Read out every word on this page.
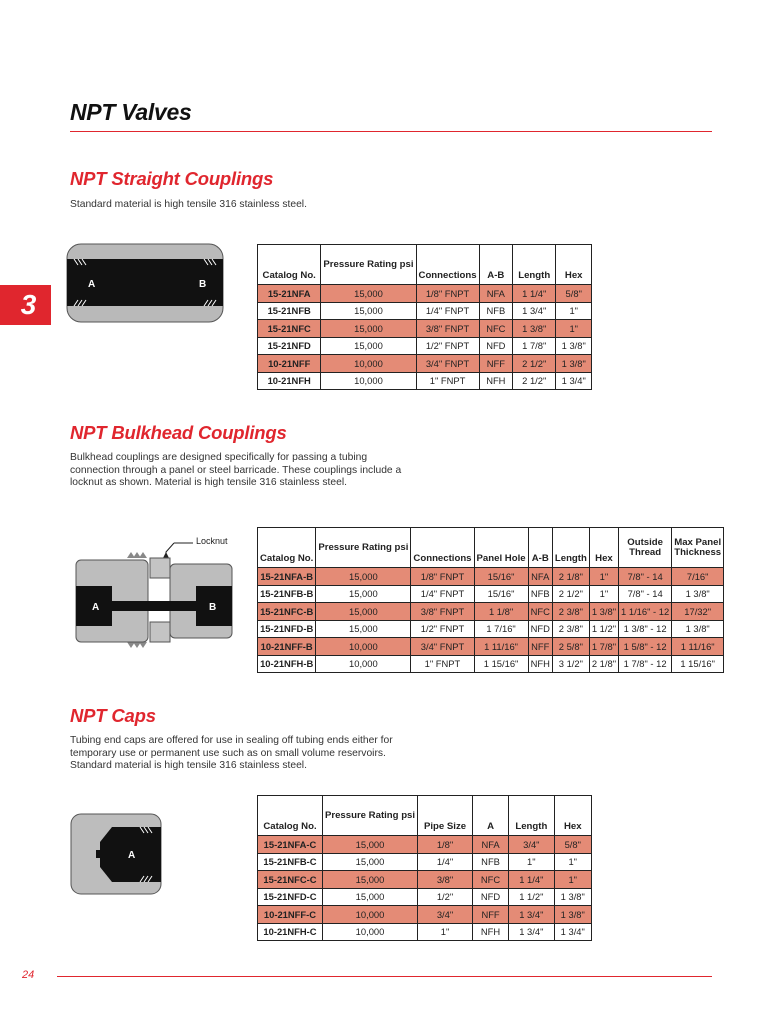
NPT Valves
3
NPT Straight Couplings
Standard material is high tensile 316 stainless steel.
A	B
Catalog No.	Pressure Rating psi	Connections	A-B	Length	Hex
15-21NFA	15,000	1/8" FNPT	NFA	1 1/4"	5/8"
15-21NFB	15,000	1/4" FNPT	NFB	1 3/4"	1"
15-21NFC	15,000	3/8" FNPT	NFC	1 3/8"	1"
15-21NFD	15,000	1/2" FNPT	NFD	1 7/8"	1 3/8"
10-21NFF	10,000	3/4" FNPT	NFF	2 1/2"	1 3/8"
10-21NFH	10,000	1" FNPT	NFH	2 1/2"	1 3/4"
NPT Bulkhead Couplings
Bulkhead couplings are designed specifically for passing a tubing connection through a panel or steel barricade. These couplings include a locknut as shown. Material is high tensile 316 stainless steel.
Locknut
A	B
Catalog No.	Pressure Rating psi	Connections	Panel Hole	A-B	Length	Hex	Outside Thread	Max Panel Thickness
15-21NFA-B	15,000	1/8" FNPT	15/16"	NFA	2 1/8"	1"	7/8" - 14	7/16"
15-21NFB-B	15,000	1/4" FNPT	15/16"	NFB	2 1/2"	1"	7/8" - 14	1 3/8"
15-21NFC-B	15,000	3/8" FNPT	1 1/8"	NFC	2 3/8"	1 3/8"	1 1/16" - 12	17/32"
15-21NFD-B	15,000	1/2" FNPT	1 7/16"	NFD	2 3/8"	1 1/2"	1 3/8" - 12	1 3/8"
10-21NFF-B	10,000	3/4" FNPT	1 11/16"	NFF	2 5/8"	1 7/8"	1 5/8" - 12	1 11/16"
10-21NFH-B	10,000	1" FNPT	1 15/16"	NFH	3 1/2"	2 1/8"	1 7/8" - 12	1 15/16"
NPT Caps
Tubing end caps are offered for use in sealing off tubing ends either for temporary use or permanent use such as on small volume reservoirs. Standard material is high tensile 316 stainless steel.
A
Catalog No.	Pressure Rating psi	Pipe Size	A	Length	Hex
15-21NFA-C	15,000	1/8"	NFA	3/4"	5/8"
15-21NFB-C	15,000	1/4"	NFB	1"	1"
15-21NFC-C	15,000	3/8"	NFC	1 1/4"	1"
15-21NFD-C	15,000	1/2"	NFD	1 1/2"	1 3/8"
10-21NFF-C	10,000	3/4"	NFF	1 3/4"	1 3/8"
10-21NFH-C	10,000	1"	NFH	1 3/4"	1 3/4"
24
